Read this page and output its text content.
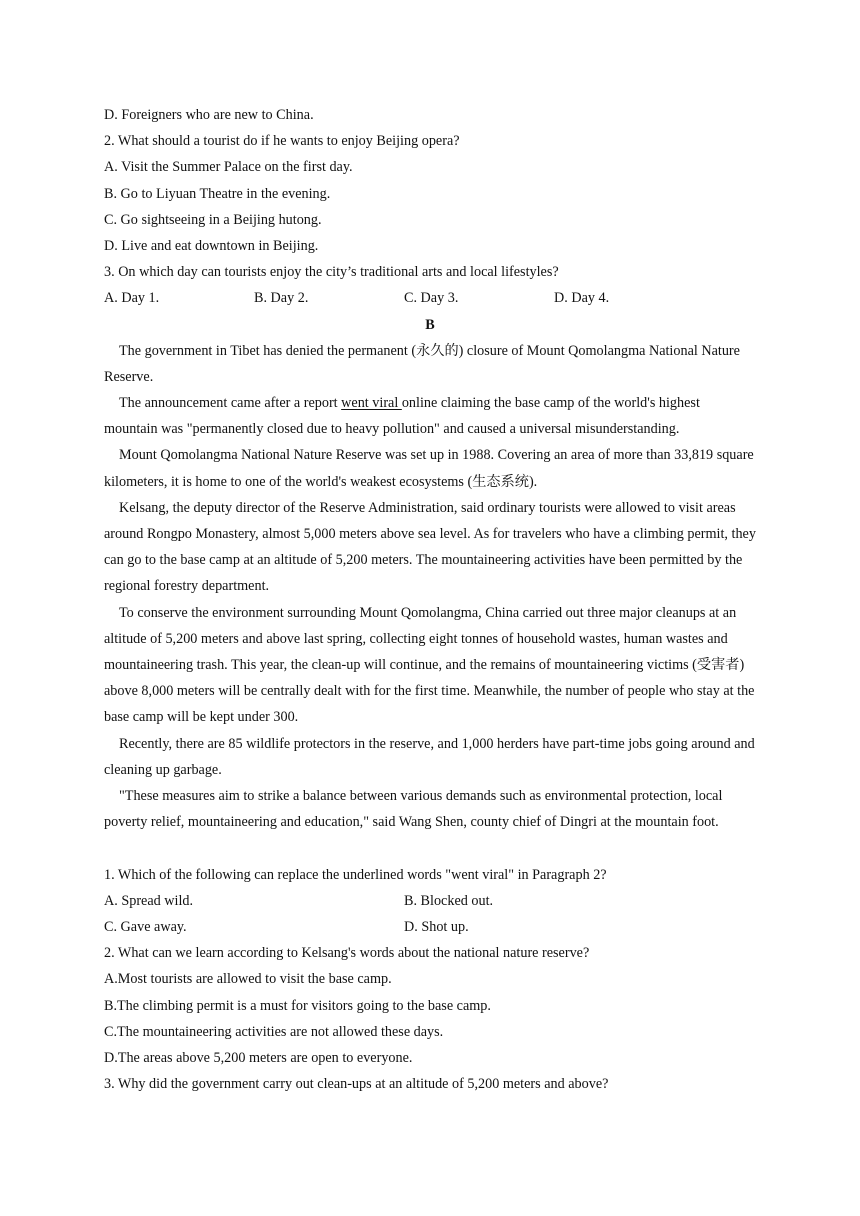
D. Foreigners who are new to China.
2. What should a tourist do if he wants to enjoy Beijing opera?
A. Visit the Summer Palace on the first day.
B. Go to Liyuan Theatre in the evening.
C. Go sightseeing in a Beijing hutong.
D. Live and eat downtown in Beijing.
3. On which day can tourists enjoy the city’s traditional arts and local lifestyles?
A. Day 1.	B. Day 2.	C. Day 3.	D. Day 4.
B
The government in Tibet has denied the permanent (永久的) closure of Mount Qomolangma National Nature Reserve.
The announcement came after a report went viral online claiming the base camp of the world's highest mountain was "permanently closed due to heavy pollution" and caused a universal misunderstanding.
Mount Qomolangma National Nature Reserve was set up in 1988. Covering an area of more than 33,819 square kilometers, it is home to one of the world's weakest ecosystems (生态系统).
Kelsang, the deputy director of the Reserve Administration, said ordinary tourists were allowed to visit areas around Rongpo Monastery, almost 5,000 meters above sea level. As for travelers who have a climbing permit, they can go to the base camp at an altitude of 5,200 meters. The mountaineering activities have been permitted by the regional forestry department.
To conserve the environment surrounding Mount Qomolangma, China carried out three major cleanups at an altitude of 5,200 meters and above last spring, collecting eight tonnes of household wastes, human wastes and mountaineering trash. This year, the clean-up will continue, and the remains of mountaineering victims (受害者) above 8,000 meters will be centrally dealt with for the first time. Meanwhile, the number of people who stay at the base camp will be kept under 300.
Recently, there are 85 wildlife protectors in the reserve, and 1,000 herders have part-time jobs going around and cleaning up garbage.
"These measures aim to strike a balance between various demands such as environmental protection, local poverty relief, mountaineering and education," said Wang Shen, county chief of Dingri at the mountain foot.
1. Which of the following can replace the underlined words "went viral" in Paragraph 2?
A. Spread wild.	B. Blocked out.
C. Gave away.	D. Shot up.
2. What can we learn according to Kelsang's words about the national nature reserve?
A.Most tourists are allowed to visit the base camp.
B.The climbing permit is a must for visitors going to the base camp.
C.The mountaineering activities are not allowed these days.
D.The areas above 5,200 meters are open to everyone.
3. Why did the government carry out clean-ups at an altitude of 5,200 meters and above?
